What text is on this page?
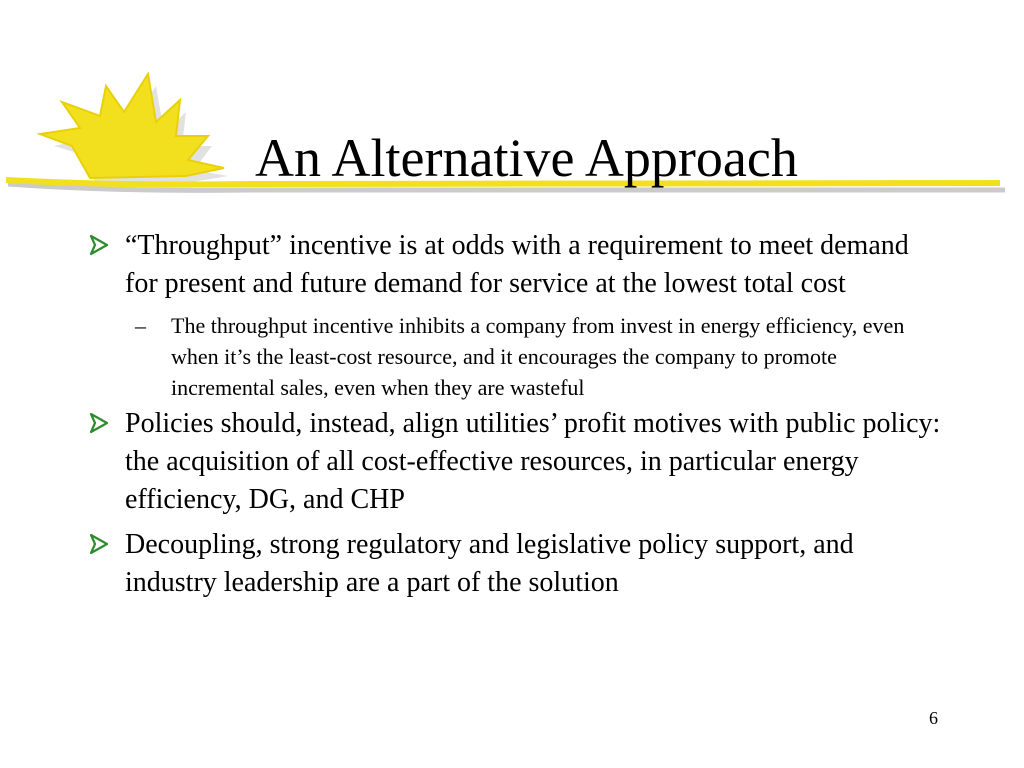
An Alternative Approach
“Throughput” incentive is at odds with a requirement to meet demand for present and future demand for service at the lowest total cost
– The throughput incentive inhibits a company from invest in energy efficiency, even when it’s the least-cost resource, and it encourages the company to promote incremental sales, even when they are wasteful
Policies should, instead, align utilities’ profit motives with public policy: the acquisition of all cost-effective resources, in particular energy efficiency, DG, and CHP
Decoupling, strong regulatory and legislative policy support, and industry leadership are a part of the solution
6
